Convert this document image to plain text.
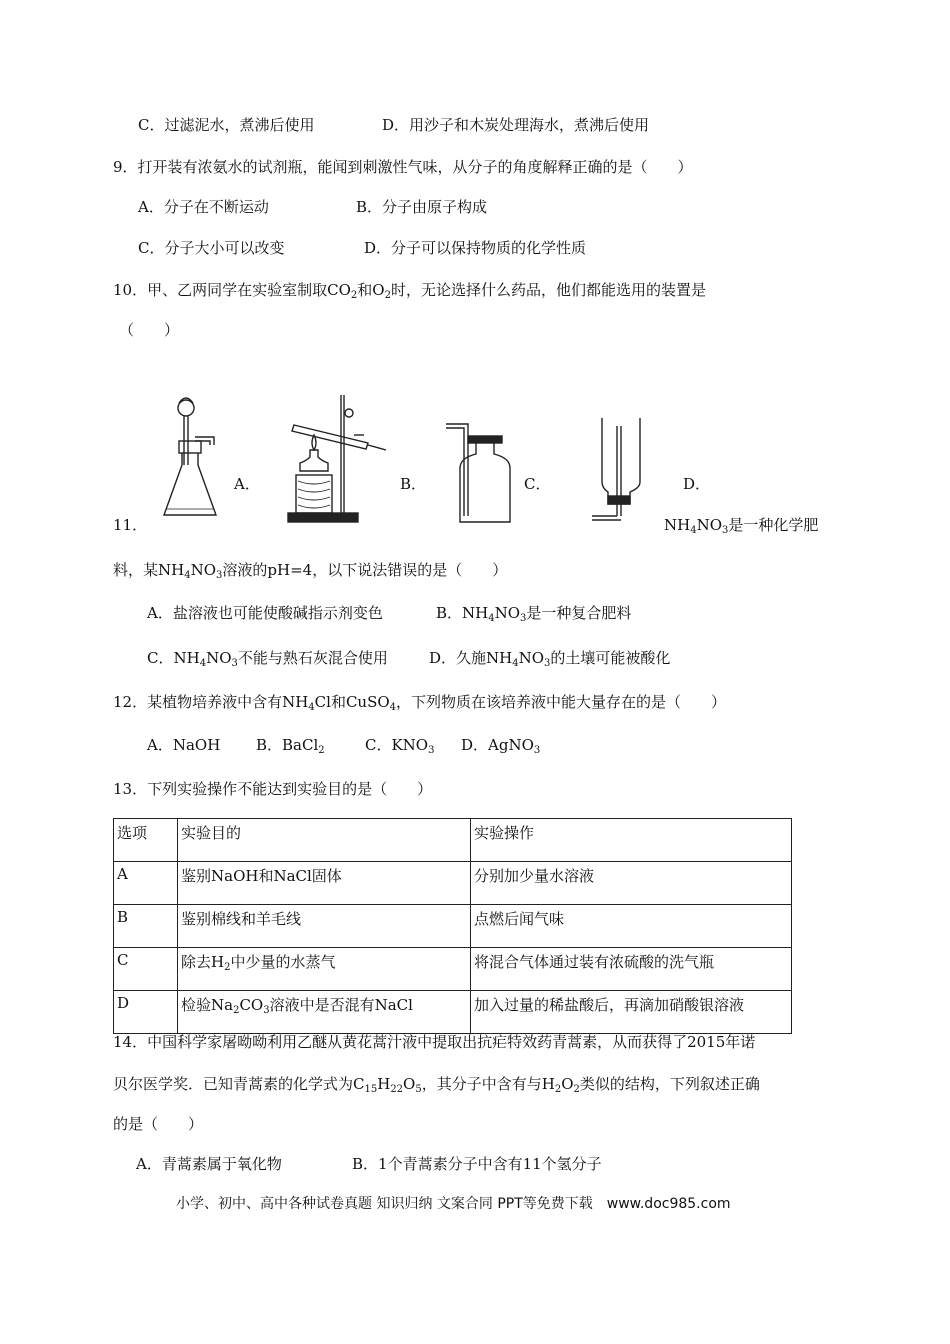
C．过滤泥水，煮沸后使用	D．用沙子和木炭处理海水，煮沸后使用
9．打开装有浓氨水的试剂瓶，能闻到刺激性气味，从分子的角度解释正确的是（　　）
A．分子在不断运动	B．分子由原子构成
C．分子大小可以改变	D．分子可以保持物质的化学性质
10．甲、乙两同学在实验室制取$CO_2$和$O_2$时，无论选择什么药品，他们都能选用的装置是
（　　）
A．	B．	C．	D．
11．	$NH_4NO_3$是一种化学肥
料，某$NH_4NO_3$溶液的pH=4，以下说法错误的是（　　）
A．盐溶液也可能使酸碱指示剂变色	B．$NH_4NO_3$是一种复合肥料
C．$NH_4NO_3$不能与熟石灰混合使用	D．久施$NH_4NO_3$的土壤可能被酸化
12．某植物培养液中含有$NH_4Cl$和CuSO$_4$，下列物质在该培养液中能大量存在的是（　　）
A．NaOH B．BaCl$_2$	C．$KNO_3$ D．AgNO$_3$
13．下列实验操作不能达到实验目的是（　　）
选项	实验目的	实验操作
A	鉴别NaOH和NaCl固体	分别加少量水溶液
B	鉴别棉线和羊毛线	点燃后闻气味
C	除去$H_2$中少量的水蒸气	将混合气体通过装有浓硫酸的洗气瓶
D	检验$Na_2CO_3$溶液中是否混有NaCl	加入过量的稀盐酸后，再滴加硝酸银溶液
14．中国科学家屠呦呦利用乙醚从黄花蒿汁液中提取出抗疟特效药青蒿素，从而获得了2015年诺
贝尔医学奖．已知青蒿素的化学式为$C_{15}H_{22}O_5$，其分子中含有与$H_2O_2$类似的结构，下列叙述正确
的是（　　）
A．青蒿素属于氧化物	B．1个青蒿素分子中含有11个氢分子
小学、初中、高中各种试卷真题 知识归纳 文案合同 PPT等免费下载　www.doc985.com
